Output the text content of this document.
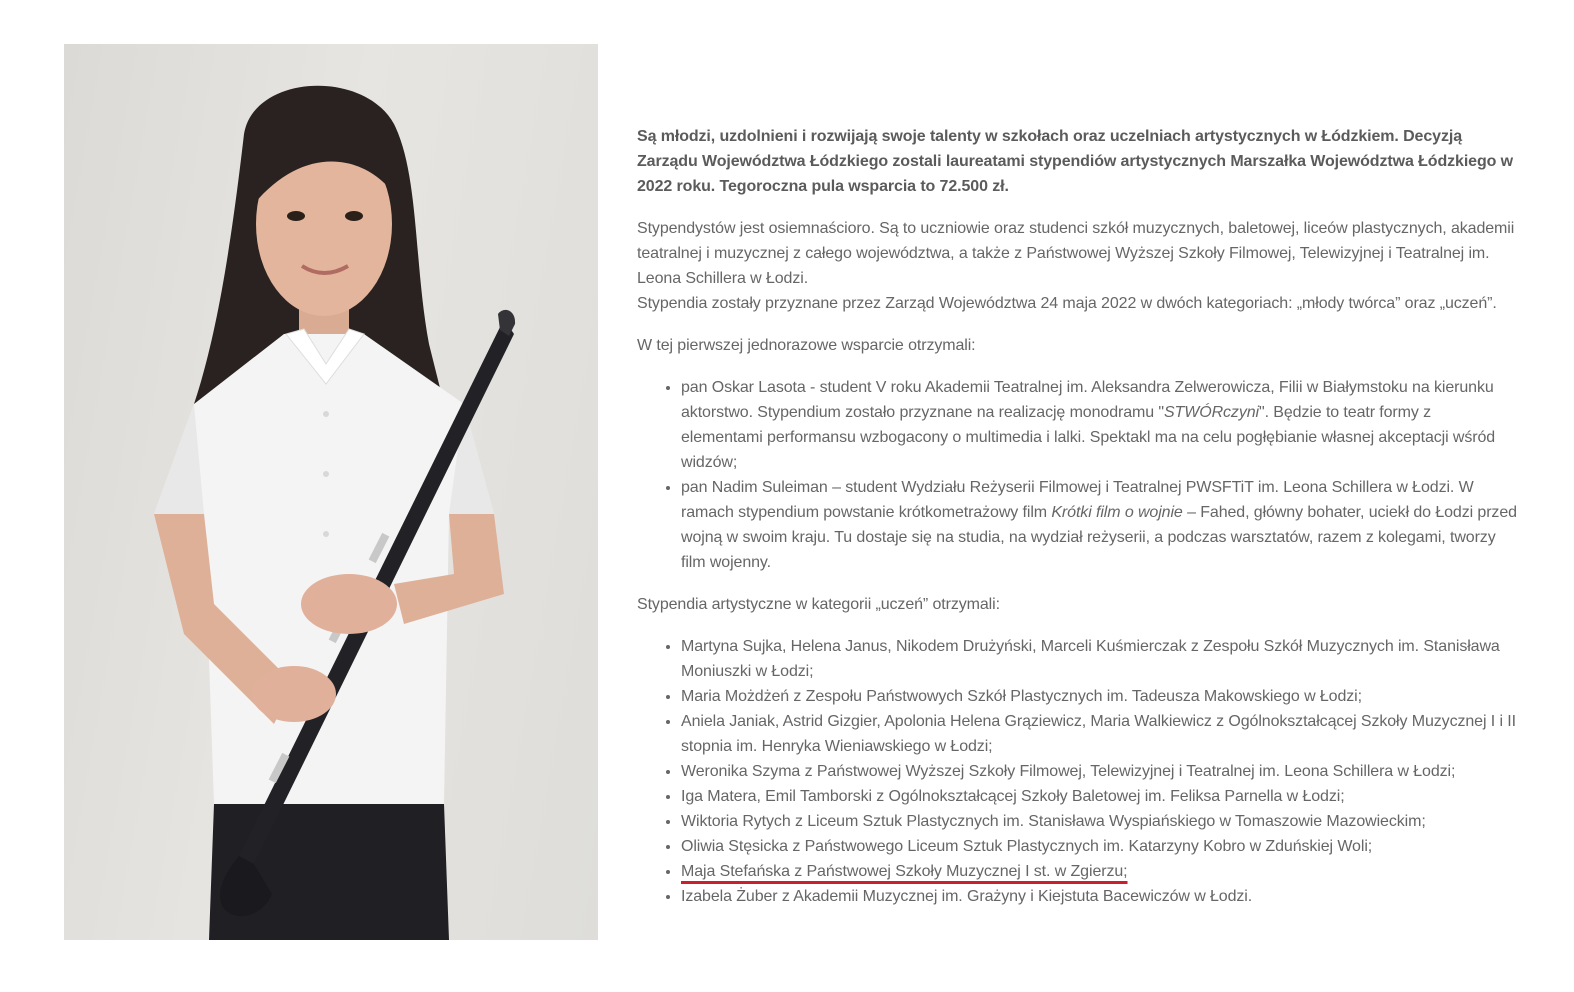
Są młodzi, uzdolnieni i rozwijają swoje talenty w szkołach oraz uczelniach artystycznych w Łódzkiem. Decyzją Zarządu Województwa Łódzkiego zostali laureatami stypendiów artystycznych Marszałka Województwa Łódzkiego w 2022 roku. Tegoroczna pula wsparcia to 72.500 zł.

Stypendystów jest osiemnaścioro. Są to uczniowie oraz studenci szkół muzycznych, baletowej, liceów plastycznych, akademii teatralnej i muzycznej z całego województwa, a także z Państwowej Wyższej Szkoły Filmowej, Telewizyjnej i Teatralnej im. Leona Schillera w Łodzi.
Stypendia zostały przyznane przez Zarząd Województwa 24 maja 2022 w dwóch kategoriach: „młody twórca” oraz „uczeń”.

W tej pierwszej jednorazowe wsparcie otrzymali:

• pan Oskar Lasota - student V roku Akademii Teatralnej im. Aleksandra Zelwerowicza, Filii w Białymstoku na kierunku aktorstwo. Stypendium zostało przyznane na realizację monodramu "STWÓRczyni". Będzie to teatr formy z elementami performansu wzbogacony o multimedia i lalki. Spektakl ma na celu pogłębianie własnej akceptacji wśród widzów;
• pan Nadim Suleiman – student Wydziału Reżyserii Filmowej i Teatralnej PWSFTiT im. Leona Schillera w Łodzi. W ramach stypendium powstanie krótkometrażowy film Krótki film o wojnie – Fahed, główny bohater, uciekł do Łodzi przed wojną w swoim kraju. Tu dostaje się na studia, na wydział reżyserii, a podczas warsztatów, razem z kolegami, tworzy film wojenny.

Stypendia artystyczne w kategorii „uczeń” otrzymali:

• Martyna Sujka, Helena Janus, Nikodem Drużyński, Marceli Kuśmierczak z Zespołu Szkół Muzycznych im. Stanisława Moniuszki w Łodzi;
• Maria Możdżeń z Zespołu Państwowych Szkół Plastycznych im. Tadeusza Makowskiego w Łodzi;
• Aniela Janiak, Astrid Gizgier, Apolonia Helena Grąziewicz, Maria Walkiewicz z Ogólnokształcącej Szkoły Muzycznej I i II stopnia im. Henryka Wieniawskiego w Łodzi;
• Weronika Szyma z Państwowej Wyższej Szkoły Filmowej, Telewizyjnej i Teatralnej im. Leona Schillera w Łodzi;
• Iga Matera, Emil Tamborski z Ogólnokształcącej Szkoły Baletowej im. Feliksa Parnella w Łodzi;
• Wiktoria Rytych z Liceum Sztuk Plastycznych im. Stanisława Wyspiańskiego w Tomaszowie Mazowieckim;
• Oliwia Stęsicka z Państwowego Liceum Sztuk Plastycznych im. Katarzyny Kobro w Zduńskiej Woli;
• Maja Stefańska z Państwowej Szkoły Muzycznej I st. w Zgierzu;
• Izabela Żuber z Akademii Muzycznej im. Grażyny i Kiejstuta Bacewiczów w Łodzi.
